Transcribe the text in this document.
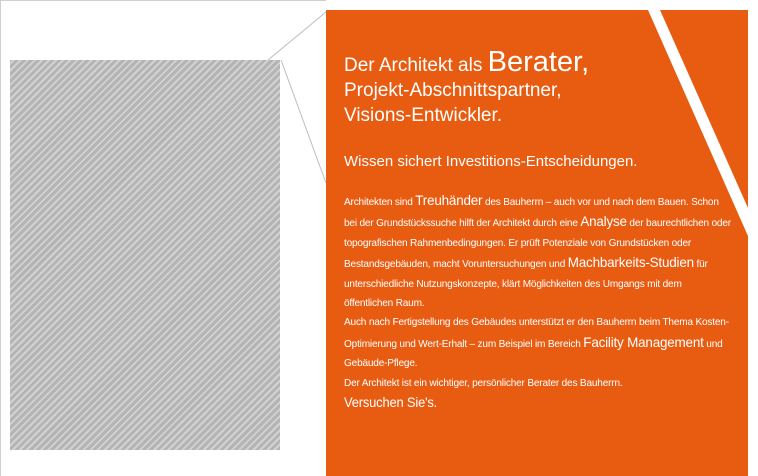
Der Architekt als Berater,
Projekt-Abschnittspartner,
Visions-Entwickler.
Wissen sichert Investitions-Entscheidungen.

Architekten sind Treuhänder des Bauherrn – auch vor und nach dem Bauen. Schon bei der Grundstückssuche hilft der Architekt durch eine Analyse der baurechtlichen oder topografischen Rahmenbedingungen. Er prüft Potenziale von Grundstücken oder Bestandsgebäuden, macht Voruntersuchungen und Machbarkeits-Studien für unterschiedliche Nutzungskonzepte, klärt Möglichkeiten des Umgangs mit dem öffentlichen Raum.
Auch nach Fertigstellung des Gebäudes unterstützt er den Bauherrn beim Thema Kosten-Optimierung und Wert-Erhalt – zum Beispiel im Bereich Facility Management und Gebäude-Pflege.
Der Architekt ist ein wichtiger, persönlicher Berater des Bauherrn.
Versuchen Sie's.
